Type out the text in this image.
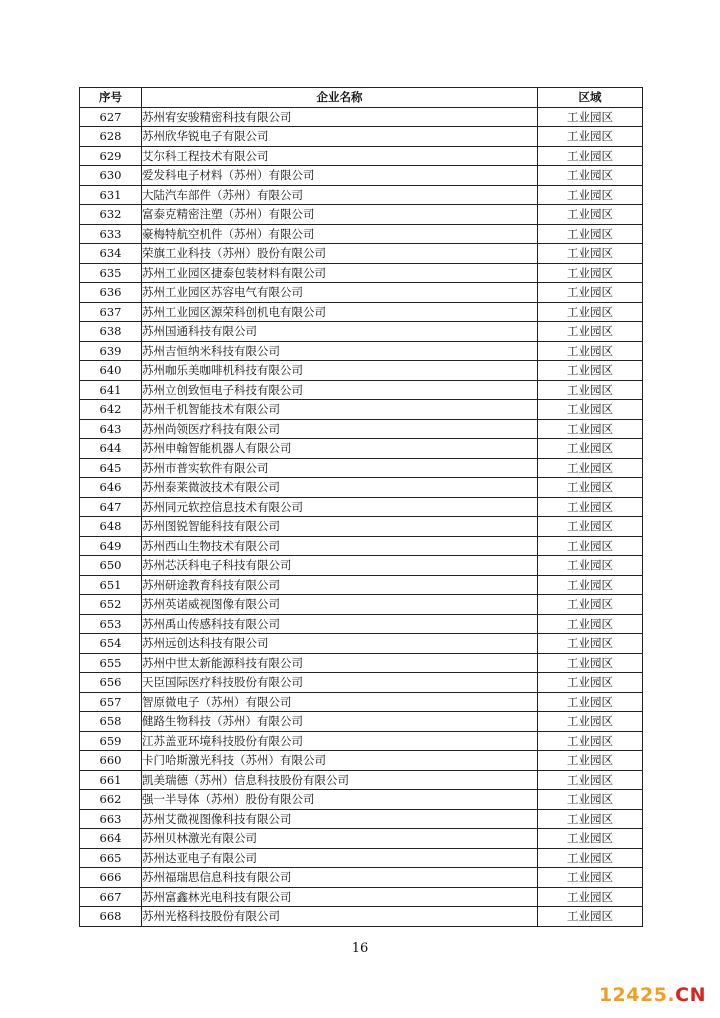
序号	企业名称	区域
627	苏州宥安骏精密科技有限公司	工业园区
628	苏州欣华锐电子有限公司	工业园区
629	艾尔科工程技术有限公司	工业园区
630	爱发科电子材料（苏州）有限公司	工业园区
631	大陆汽车部件（苏州）有限公司	工业园区
632	富泰克精密注塑（苏州）有限公司	工业园区
633	豪梅特航空机件（苏州）有限公司	工业园区
634	荣旗工业科技（苏州）股份有限公司	工业园区
635	苏州工业园区捷泰包装材料有限公司	工业园区
636	苏州工业园区苏容电气有限公司	工业园区
637	苏州工业园区源荣科创机电有限公司	工业园区
638	苏州国通科技有限公司	工业园区
639	苏州吉恒纳米科技有限公司	工业园区
640	苏州咖乐美咖啡机科技有限公司	工业园区
641	苏州立创致恒电子科技有限公司	工业园区
642	苏州千机智能技术有限公司	工业园区
643	苏州尚领医疗科技有限公司	工业园区
644	苏州申翰智能机器人有限公司	工业园区
645	苏州市普实软件有限公司	工业园区
646	苏州泰莱微波技术有限公司	工业园区
647	苏州同元软控信息技术有限公司	工业园区
648	苏州图锐智能科技有限公司	工业园区
649	苏州西山生物技术有限公司	工业园区
650	苏州芯沃科电子科技有限公司	工业园区
651	苏州研途教育科技有限公司	工业园区
652	苏州英诺威视图像有限公司	工业园区
653	苏州禹山传感科技有限公司	工业园区
654	苏州远创达科技有限公司	工业园区
655	苏州中世太新能源科技有限公司	工业园区
656	天臣国际医疗科技股份有限公司	工业园区
657	智原微电子（苏州）有限公司	工业园区
658	健路生物科技（苏州）有限公司	工业园区
659	江苏盖亚环境科技股份有限公司	工业园区
660	卡门哈斯激光科技（苏州）有限公司	工业园区
661	凯美瑞德（苏州）信息科技股份有限公司	工业园区
662	强一半导体（苏州）股份有限公司	工业园区
663	苏州艾微视图像科技有限公司	工业园区
664	苏州贝林激光有限公司	工业园区
665	苏州达亚电子有限公司	工业园区
666	苏州福瑞思信息科技有限公司	工业园区
667	苏州富鑫林光电科技有限公司	工业园区
668	苏州光格科技股份有限公司	工业园区
16
12425.CN
